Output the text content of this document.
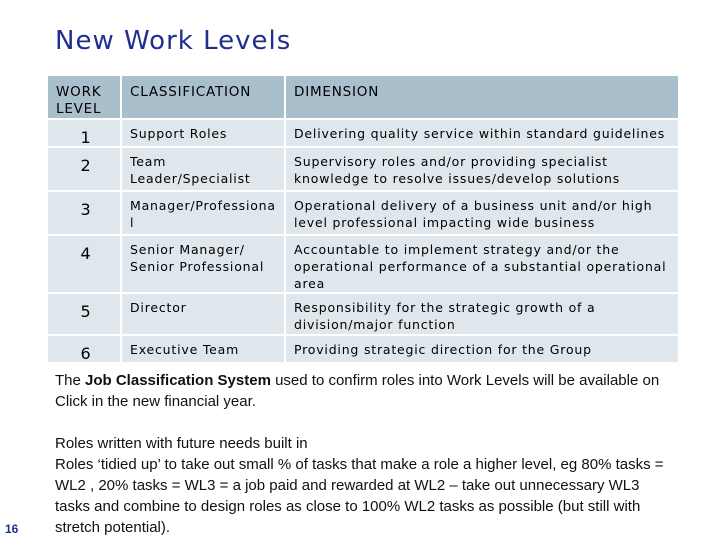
New Work Levels
WORK LEVEL	CLASSIFICATION	DIMENSION
1	Support Roles	Delivering quality service within standard guidelines

2	Team Leader/Specialist	Supervisory roles and/or providing specialist knowledge to resolve issues/develop solutions

3	Manager/Professional	Operational delivery of a business unit and/or high level professional impacting wide business

4	Senior Manager/ Senior Professional	Accountable to implement strategy and/or the operational performance of a substantial operational area

5	Director	Responsibility for the strategic growth of a division/major function

6	Executive Team	Providing strategic direction for the Group

The Job Classification System used to confirm roles into Work Levels will be available on Click in the new financial year.

Roles written with future needs built in

Roles ‘tidied up’ to take out small % of tasks that make a role a higher level, eg 80% tasks = WL2 , 20% tasks = WL3 = a job paid and rewarded at WL2 – take out unnecessary WL3 tasks and combine to design roles as close to 100% WL2 tasks as possible (but still with stretch potential).

16
